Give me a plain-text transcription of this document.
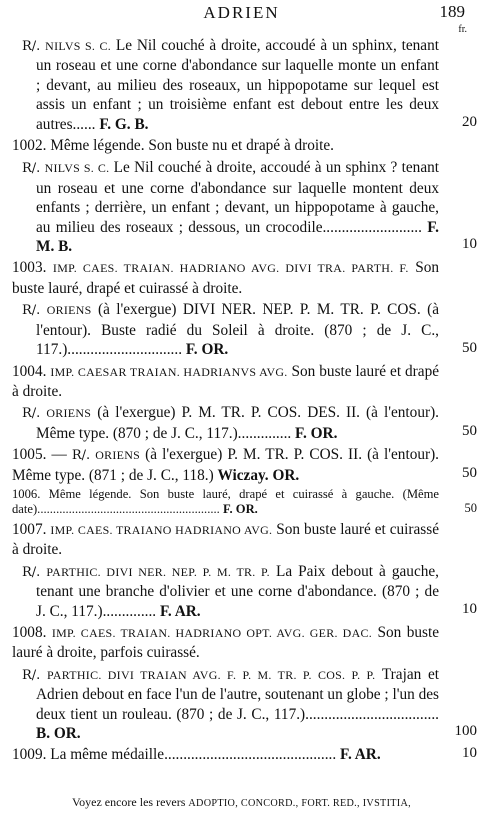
ADRIEN	189
fr.
R/. NILVS S. C. Le Nil couché à droite, accoudé à un sphinx, tenant un roseau et une corne d'abondance sur laquelle monte un enfant ; devant, au milieu des roseaux, un hippopotame sur lequel est assis un enfant ; un troisième enfant est debout entre les deux autres...... F. G. B.	20
1002. Même légende. Son buste nu et drapé à droite.
R/. NILVS S. C. Le Nil couché à droite, accoudé à un sphinx ? tenant un roseau et une corne d'abondance sur laquelle montent deux enfants ; derrière, un enfant ; devant, un hippopotame à gauche, au milieu des roseaux ; dessous, un crocodile.......................... F. M. B.	10
1003. IMP. CAES. TRAIAN. HADRIANO AVG. DIVI TRA. PARTH. F. Son buste lauré, drapé et cuirassé à droite.
R/. ORIENS (à l'exergue) DIVI NER. NEP. P. M. TR. P. COS. (à l'entour). Buste radié du Soleil à droite. (870 ; de J. C., 117.).............................. F. OR.	50
1004. IMP. CAESAR TRAIAN. HADRIANVS AVG. Son buste lauré et drapé à droite.
R/. ORIENS (à l'exergue) P. M. TR. P. COS. DES. II. (à l'entour). Même type. (870 ; de J. C., 117.).............. F. OR.	50
1005. — R/. ORIENS (à l'exergue) P. M. TR. P. COS. II. (à l'entour). Même type. (871 ; de J. C., 118.) Wiczay. OR.	50
1006. Même légende. Son buste lauré, drapé et cuirassé à gauche. (Même date).......................................................... F. OR.	50
1007. IMP. CAES. TRAIANO HADRIANO AVG. Son buste lauré et cuirassé à droite.
R/. PARTHIC. DIVI NER. NEP. P. M. TR. P. La Paix debout à gauche, tenant une branche d'olivier et une corne d'abondance. (870 ; de J. C., 117.).............. F. AR.	10
1008. IMP. CAES. TRAIAN. HADRIANO OPT. AVG. GER. DAC. Son buste lauré à droite, parfois cuirassé.
R/. PARTHIC. DIVI TRAIAN AVG. F. P. M. TR. P. COS. P. P. Trajan et Adrien debout en face l'un de l'autre, soutenant un globe ; l'un des deux tient un rouleau. (870 ; de J. C., 117.)................................... B. OR.	100
1009. La même médaille............................................. F. AR.	10
Voyez encore les revers ADOPTIO, CONCORD., FORT. RED., IVSTITIA,
